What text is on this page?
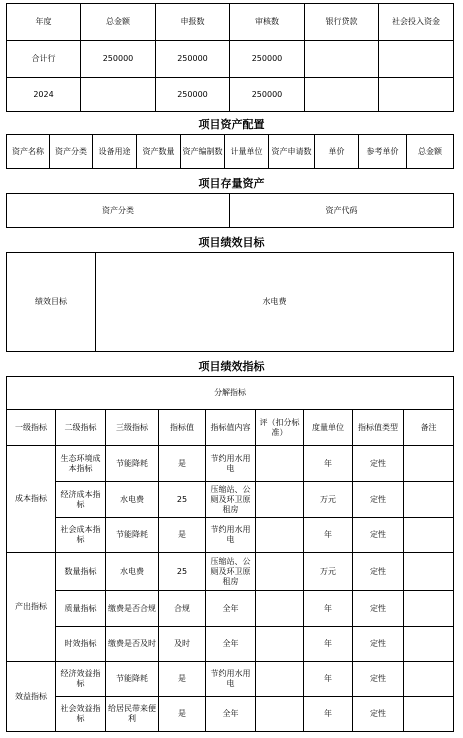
年度	总金额	申报数	审核数	银行贷款	社会投入资金
合计行	250000	250000	250000		
2024		250000	250000		
项目资产配置
资产名称	资产分类	设备用途	资产数量	资产编制数	计量单位	资产申请数	单价	参考单价	总金额
项目存量资产
资产分类	资产代码
项目绩效目标
绩效目标	水电费
项目绩效指标
分解指标								
一级指标	二级指标	三级指标	指标值	指标值内容	评（扣分标准）	度量单位	指标值类型	备注
成本指标	生态环境成本指标	节能降耗	是	节约用水用电		年	定性	
	经济成本指标	水电费	25	压缩站、公厕及环卫原租房		万元	定性	
	社会成本指标	节能降耗	是	节约用水用电		年	定性	
产出指标	数量指标	水电费	25	压缩站、公厕及环卫原租房		万元	定性	
	质量指标	缴费是否合规	合规	全年		年	定性	
	时效指标	缴费是否及时	及时	全年		年	定性	
效益指标	经济效益指标	节能降耗	是	节约用水用电		年	定性	
	社会效益指标	给居民带来便利	是	全年		年	定性	
